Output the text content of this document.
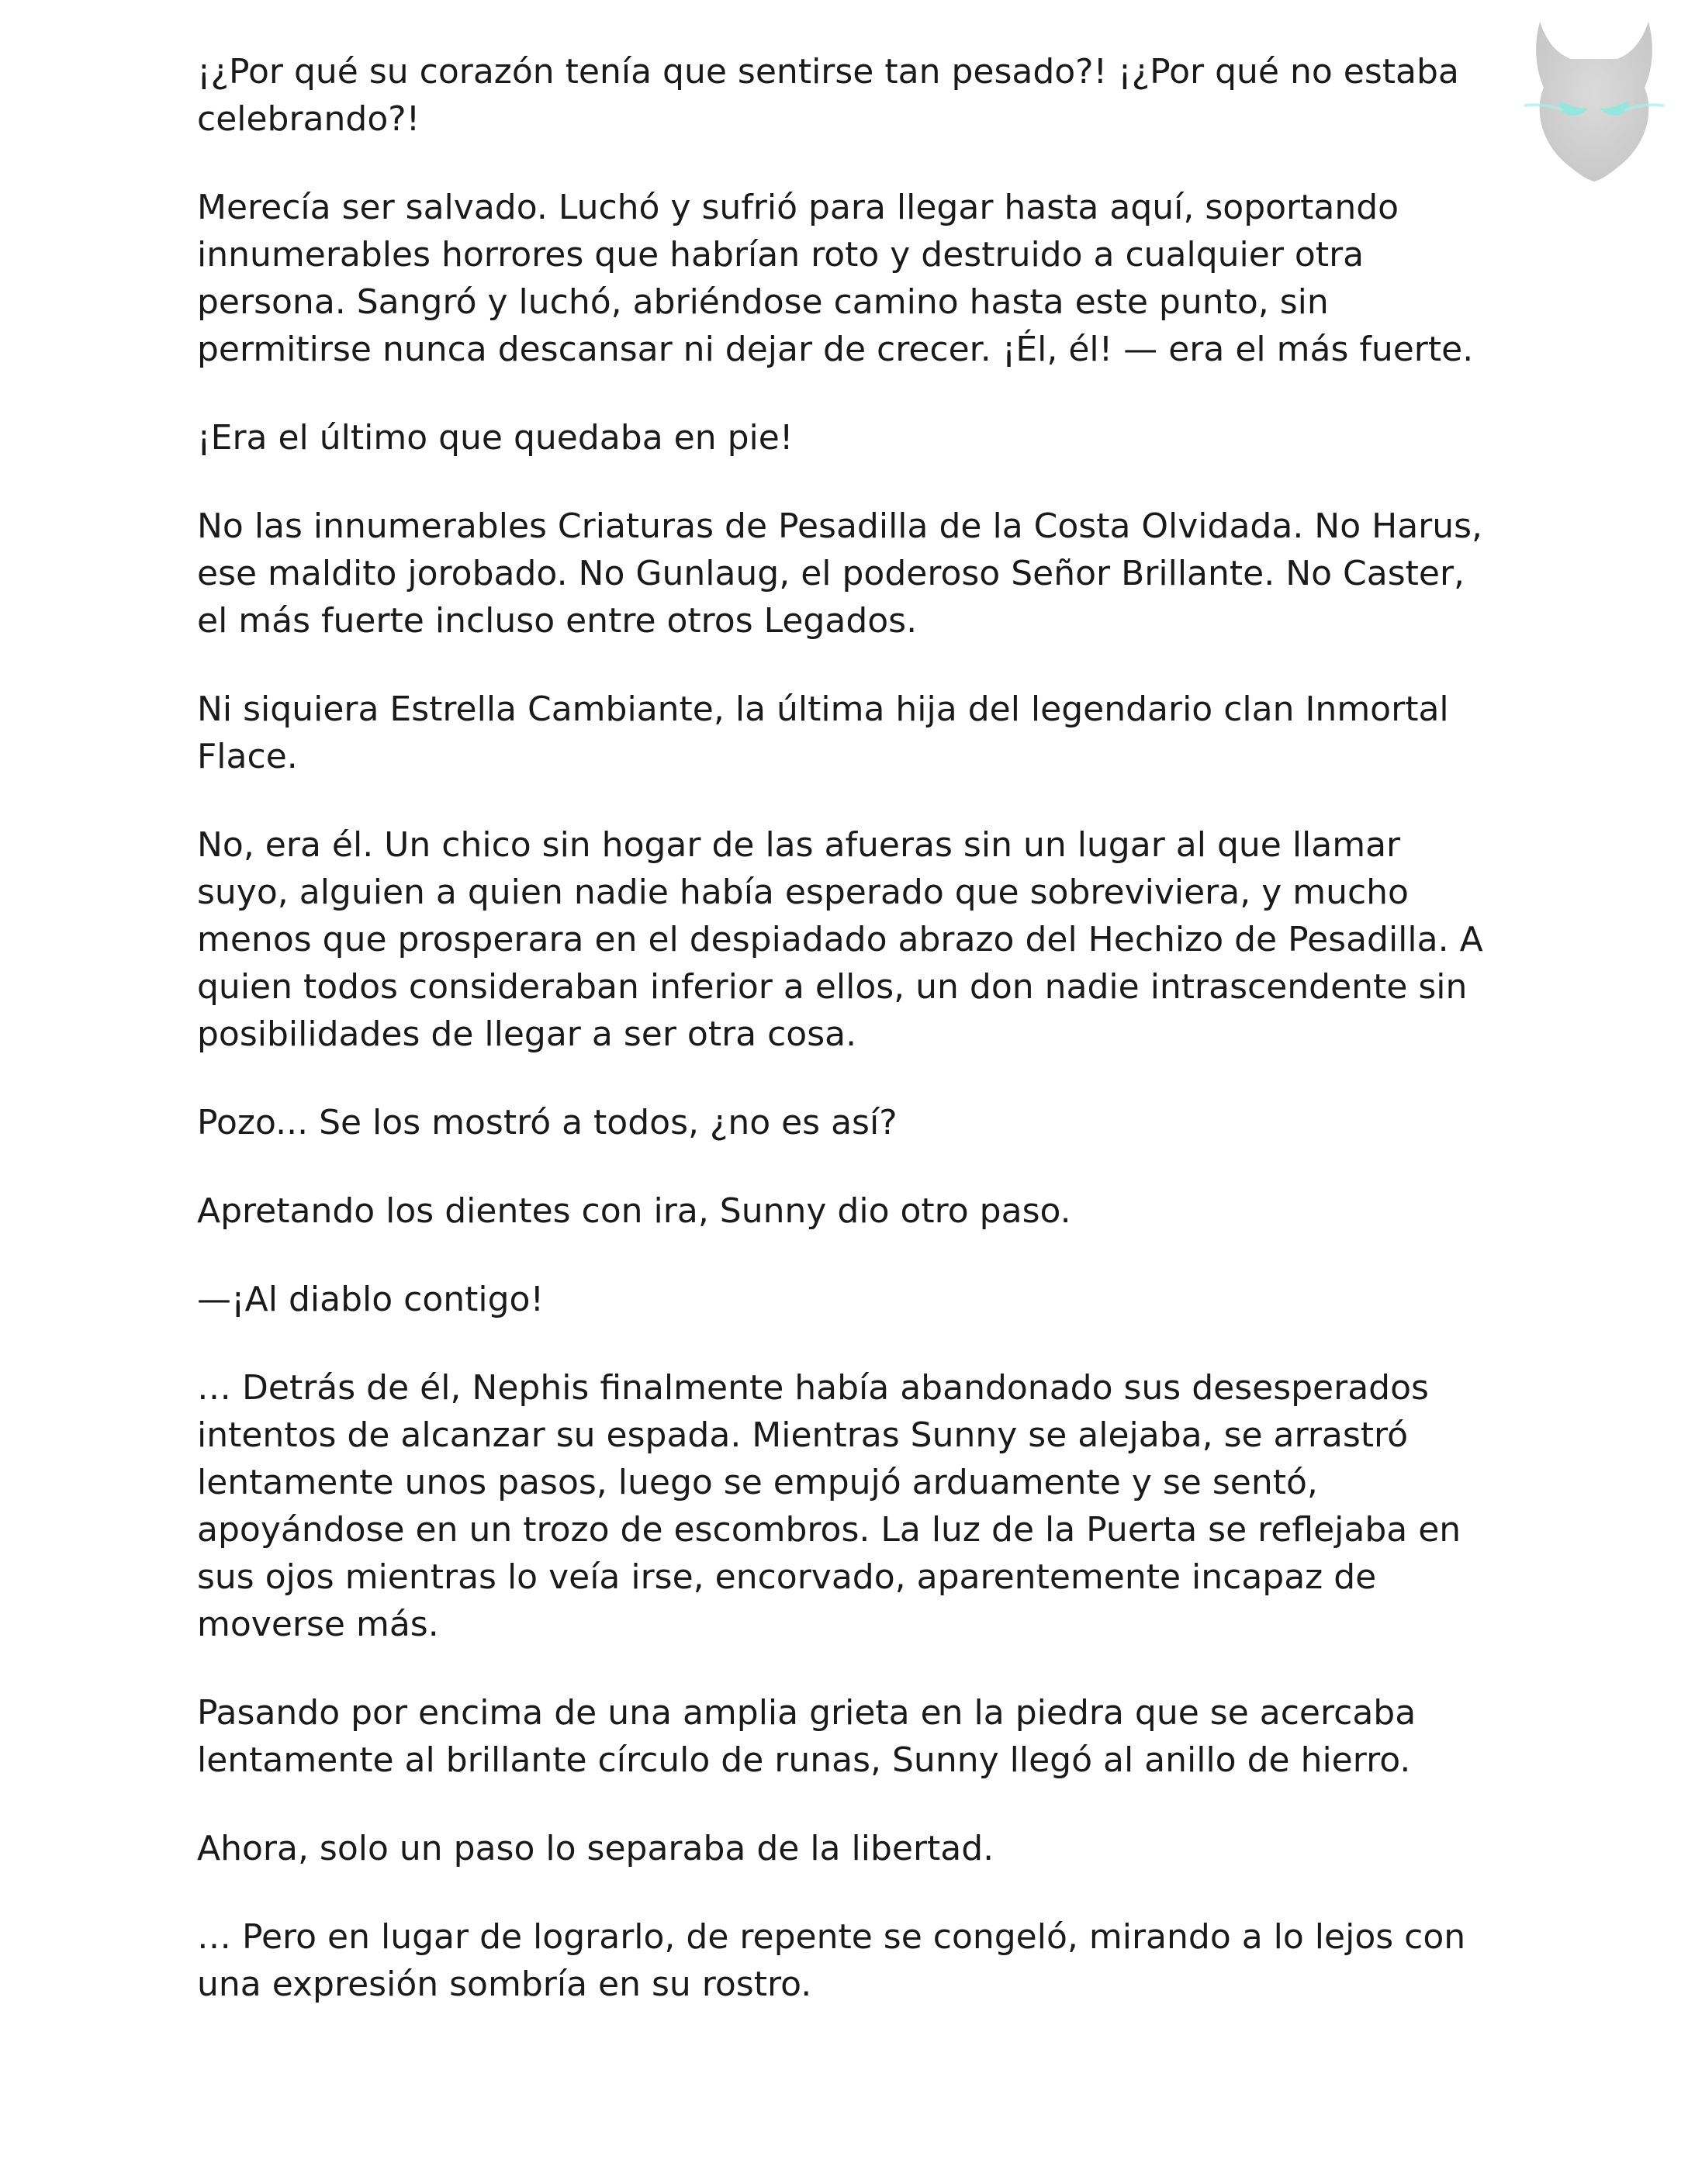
¡¿Por qué su corazón tenía que sentirse tan pesado?! ¡¿Por qué no estaba celebrando?!

Merecía ser salvado. Luchó y sufrió para llegar hasta aquí, soportando innumerables horrores que habrían roto y destruido a cualquier otra persona. Sangró y luchó, abriéndose camino hasta este punto, sin permitirse nunca descansar ni dejar de crecer. ¡Él, él! — era el más fuerte.

¡Era el último que quedaba en pie!

No las innumerables Criaturas de Pesadilla de la Costa Olvidada. No Harus, ese maldito jorobado. No Gunlaug, el poderoso Señor Brillante. No Caster, el más fuerte incluso entre otros Legados.

Ni siquiera Estrella Cambiante, la última hija del legendario clan Inmortal Flace.

No, era él. Un chico sin hogar de las afueras sin un lugar al que llamar suyo, alguien a quien nadie había esperado que sobreviviera, y mucho menos que prosperara en el despiadado abrazo del Hechizo de Pesadilla. A quien todos consideraban inferior a ellos, un don nadie intrascendente sin posibilidades de llegar a ser otra cosa.

Pozo... Se los mostró a todos, ¿no es así?

Apretando los dientes con ira, Sunny dio otro paso.

—¡Al diablo contigo!

… Detrás de él, Nephis finalmente había abandonado sus desesperados intentos de alcanzar su espada. Mientras Sunny se alejaba, se arrastró lentamente unos pasos, luego se empujó arduamente y se sentó, apoyándose en un trozo de escombros. La luz de la Puerta se reflejaba en sus ojos mientras lo veía irse, encorvado, aparentemente incapaz de moverse más.

Pasando por encima de una amplia grieta en la piedra que se acercaba lentamente al brillante círculo de runas, Sunny llegó al anillo de hierro.

Ahora, solo un paso lo separaba de la libertad.

… Pero en lugar de lograrlo, de repente se congeló, mirando a lo lejos con una expresión sombría en su rostro.
